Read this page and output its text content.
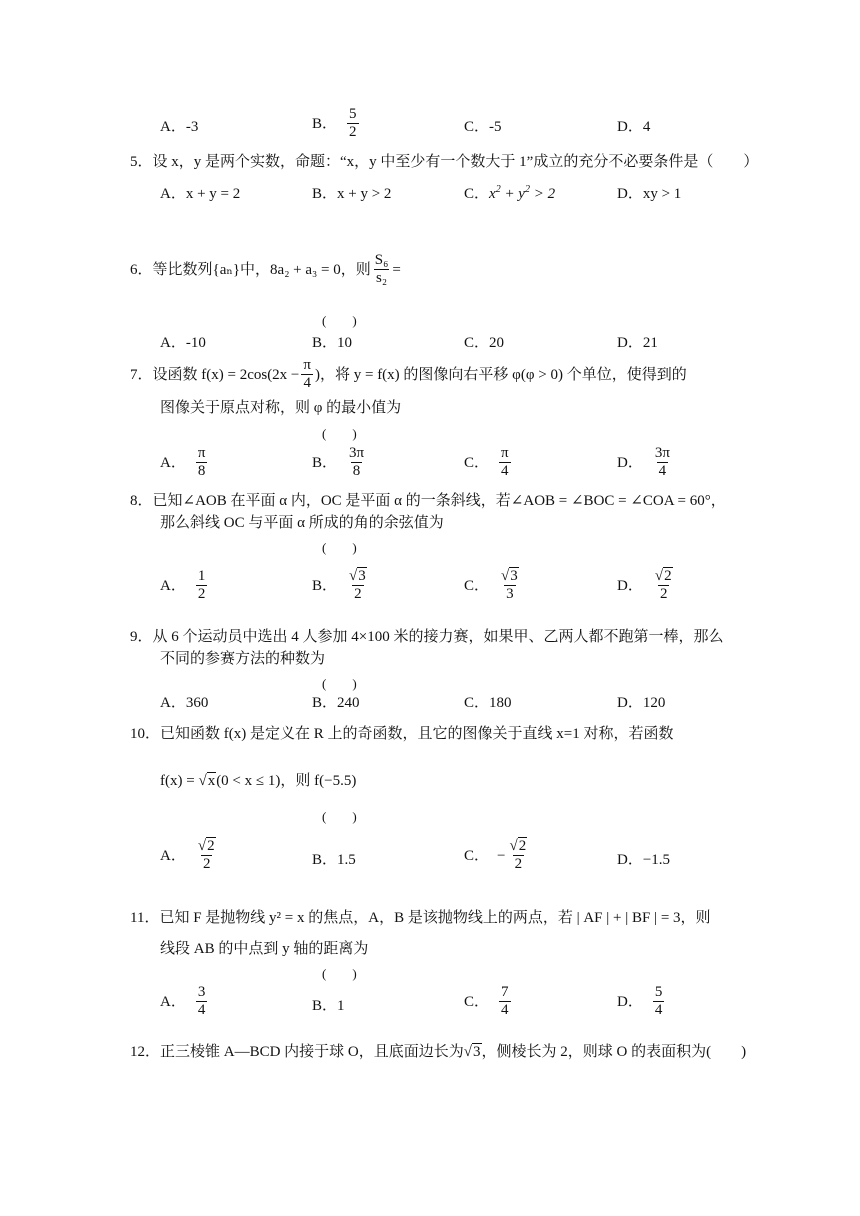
A．-3	B． $\frac{5}{2}$	C．-5	D．4
5．设 x，y 是两个实数，命题：“x，y 中至少有一个数大于 1”成立的充分不必要条件是（　　）
A．x + y = 2	B．x + y > 2	C．$x^2 + y^2 > 2$	D．xy > 1
6．等比数列{aₙ}中，8a₂ + a₃ = 0，则 $\frac{\text{S₆}}{\text{s₂}}$ =
(　　)
A．-10	B．10	C．20	D．21
7．设函数 $f(x) = 2\cos(2x - \frac{\pi}{4}$ )，将 y = f(x) 的图像向右平移 φ(φ > 0) 个单位，使得到的
图像关于原点对称，则 φ 的最小值为
(　　)
A． $\frac{\pi}{8}$	B． $\frac{3\pi}{8}$	C． $\frac{\pi}{4}$	D． $\frac{3\pi}{4}$
8．已知∠AOB 在平面 α 内，OC 是平面 α 的一条斜线，若∠AOB = ∠BOC = ∠COA = 60°，
那么斜线 OC 与平面 α 所成的角的余弦值为
(　　)
A． $\frac{1}{2}$	B． $\frac{√3}{2}$	C． $\frac{√3}{3}$	D． $\frac{√2}{2}$
9．从 6 个运动员中选出 4 人参加 4×100 米的接力赛，如果甲、乙两人都不跑第一棒，那么
不同的参赛方法的种数为
(　　)
A．360	B．240	C．180	D．120
10．已知函数 f(x) 是定义在 R 上的奇函数，且它的图像关于直线 x=1 对称，若函数
f(x) = √x(0 < x ≤ 1)，则 f(−5.5)
(　　)
A． $\frac{√2}{2}$	B．1.5	C． − $\frac{√2}{2}$	D．−1.5
11．已知 F 是抛物线 y² = x 的焦点，A，B 是该抛物线上的两点，若 | AF | + | BF | = 3，则
线段 AB 的中点到 y 轴的距离为
(　　)
A． $\frac{3}{4}$	B．1	C． $\frac{7}{4}$	D． $\frac{5}{4}$
12．正三棱锥 A—BCD 内接于球 O，且底面边长为√3，侧棱长为 2，则球 O 的表面积为(　　)
